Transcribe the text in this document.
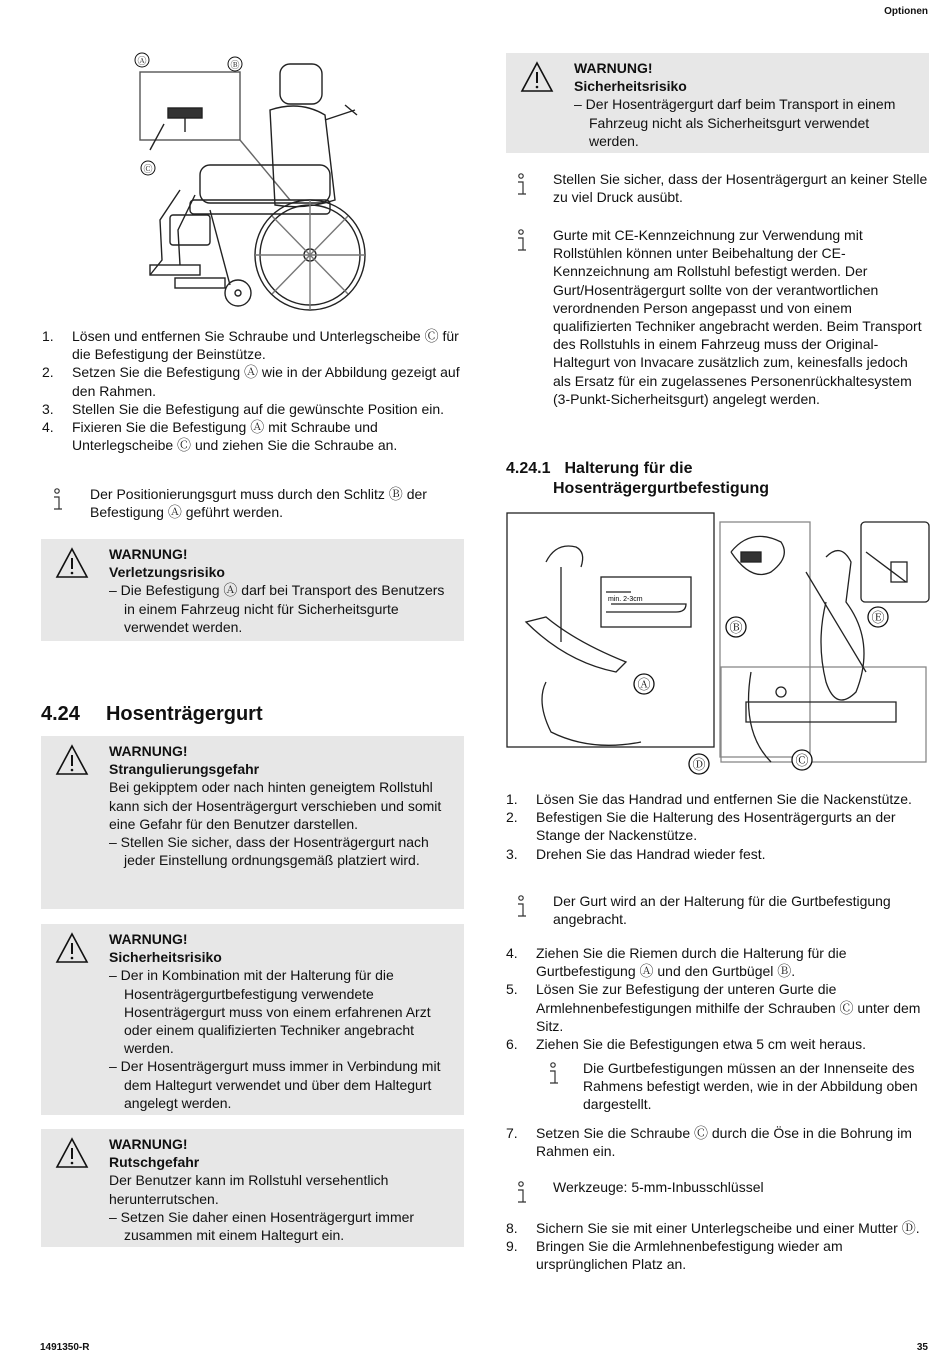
Optionen
1491350-R	35
Ⓐ	Ⓑ
Ⓒ
1. Lösen und entfernen Sie Schraube und Unterlegscheibe Ⓒ für die Befestigung der Beinstütze.
2. Setzen Sie die Befestigung Ⓐ wie in der Abbildung gezeigt auf den Rahmen.
3. Stellen Sie die Befestigung auf die gewünschte Position ein.
4. Fixieren Sie die Befestigung Ⓐ mit Schraube und Unterlegscheibe Ⓒ und ziehen Sie die Schraube an.
Der Positionierungsgurt muss durch den Schlitz Ⓑ der Befestigung Ⓐ geführt werden.
WARNUNG!
Verletzungsrisiko
– Die Befestigung Ⓐ darf bei Transport des Benutzers in einem Fahrzeug nicht für Sicherheitsgurte verwendet werden.
4.24 Hosenträgergurt
WARNUNG!
Strangulierungsgefahr
Bei gekipptem oder nach hinten geneigtem Rollstuhl kann sich der Hosenträgergurt verschieben und somit eine Gefahr für den Benutzer darstellen.
– Stellen Sie sicher, dass der Hosenträgergurt nach jeder Einstellung ordnungsgemäß platziert wird.
WARNUNG!
Sicherheitsrisiko
– Der in Kombination mit der Halterung für die Hosenträgergurtbefestigung verwendete Hosenträgergurt muss von einem erfahrenen Arzt oder einem qualifizierten Techniker angebracht werden.
– Der Hosenträgergurt muss immer in Verbindung mit dem Haltegurt verwendet und über dem Haltegurt angelegt werden.
WARNUNG!
Rutschgefahr
Der Benutzer kann im Rollstuhl versehentlich herunterrutschen.
– Setzen Sie daher einen Hosenträgergurt immer zusammen mit einem Haltegurt ein.
WARNUNG!
Sicherheitsrisiko
– Der Hosenträgergurt darf beim Transport in einem Fahrzeug nicht als Sicherheitsgurt verwendet werden.
Stellen Sie sicher, dass der Hosenträgergurt an keiner Stelle zu viel Druck ausübt.
Gurte mit CE-Kennzeichnung zur Verwendung mit Rollstühlen können unter Beibehaltung der CE-Kennzeichnung am Rollstuhl befestigt werden. Der Gurt/Hosenträgergurt sollte von der verantwortlichen verordnenden Person angepasst und von einem qualifizierten Techniker angebracht werden. Beim Transport des Rollstuhls in einem Fahrzeug muss der Original-Haltegurt von Invacare zusätzlich zum, keinesfalls jedoch als Ersatz für ein zugelassenes Personenrückhaltesystem (3-Punkt-Sicherheitsgurt) angelegt werden.
4.24.1 Halterung für die
Hosenträgergurtbefestigung
min. 2-3cm
Ⓐ
Ⓑ
Ⓒ
Ⓓ
Ⓔ
1. Lösen Sie das Handrad und entfernen Sie die Nackenstütze.
2. Befestigen Sie die Halterung des Hosenträgergurts an der Stange der Nackenstütze.
3. Drehen Sie das Handrad wieder fest.
Der Gurt wird an der Halterung für die Gurtbefestigung angebracht.
4. Ziehen Sie die Riemen durch die Halterung für die Gurtbefestigung Ⓐ und den Gurtbügel Ⓑ.
5. Lösen Sie zur Befestigung der unteren Gurte die Armlehnenbefestigungen mithilfe der Schrauben Ⓒ unter dem Sitz.
6. Ziehen Sie die Befestigungen etwa 5 cm weit heraus.
Die Gurtbefestigungen müssen an der Innenseite des Rahmens befestigt werden, wie in der Abbildung oben dargestellt.
7. Setzen Sie die Schraube Ⓒ durch die Öse in die Bohrung im Rahmen ein.
Werkzeuge: 5-mm-Inbusschlüssel
8. Sichern Sie sie mit einer Unterlegscheibe und einer Mutter Ⓓ.
9. Bringen Sie die Armlehnenbefestigung wieder am ursprünglichen Platz an.
